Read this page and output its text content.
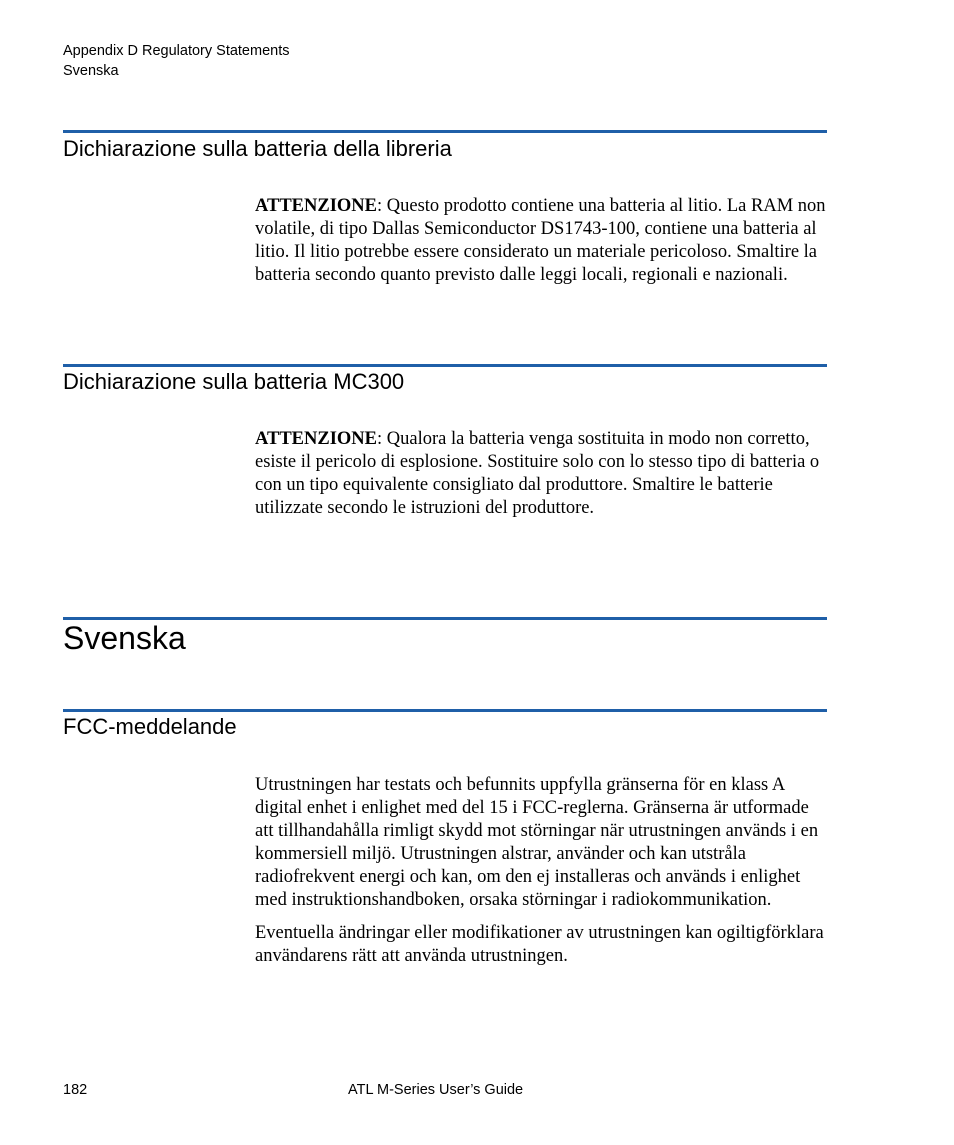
Appendix D Regulatory Statements
Svenska
Dichiarazione sulla batteria della libreria

ATTENZIONE: Questo prodotto contiene una batteria al litio. La RAM non volatile, di tipo Dallas Semiconductor DS1743-100, contiene una batteria al litio. Il litio potrebbe essere considerato un materiale pericoloso. Smaltire la batteria secondo quanto previsto dalle leggi locali, regionali e nazionali.

Dichiarazione sulla batteria MC300

ATTENZIONE: Qualora la batteria venga sostituita in modo non corretto, esiste il pericolo di esplosione. Sostituire solo con lo stesso tipo di batteria o con un tipo equivalente consigliato dal produttore. Smaltire le batterie utilizzate secondo le istruzioni del produttore.

Svenska
FCC-meddelande

Utrustningen har testats och befunnits uppfylla gränserna för en klass A digital enhet i enlighet med del 15 i FCC-reglerna. Gränserna är utformade att tillhandahålla rimligt skydd mot störningar när utrustningen används i en kommersiell miljö. Utrustningen alstrar, använder och kan utstråla radiofrekvent energi och kan, om den ej installeras och används i enlighet med instruktionshandboken, orsaka störningar i radiokommunikation.

Eventuella ändringar eller modifikationer av utrustningen kan ogiltigförklara användarens rätt att använda utrustningen.

182	ATL M-Series User’s Guide
